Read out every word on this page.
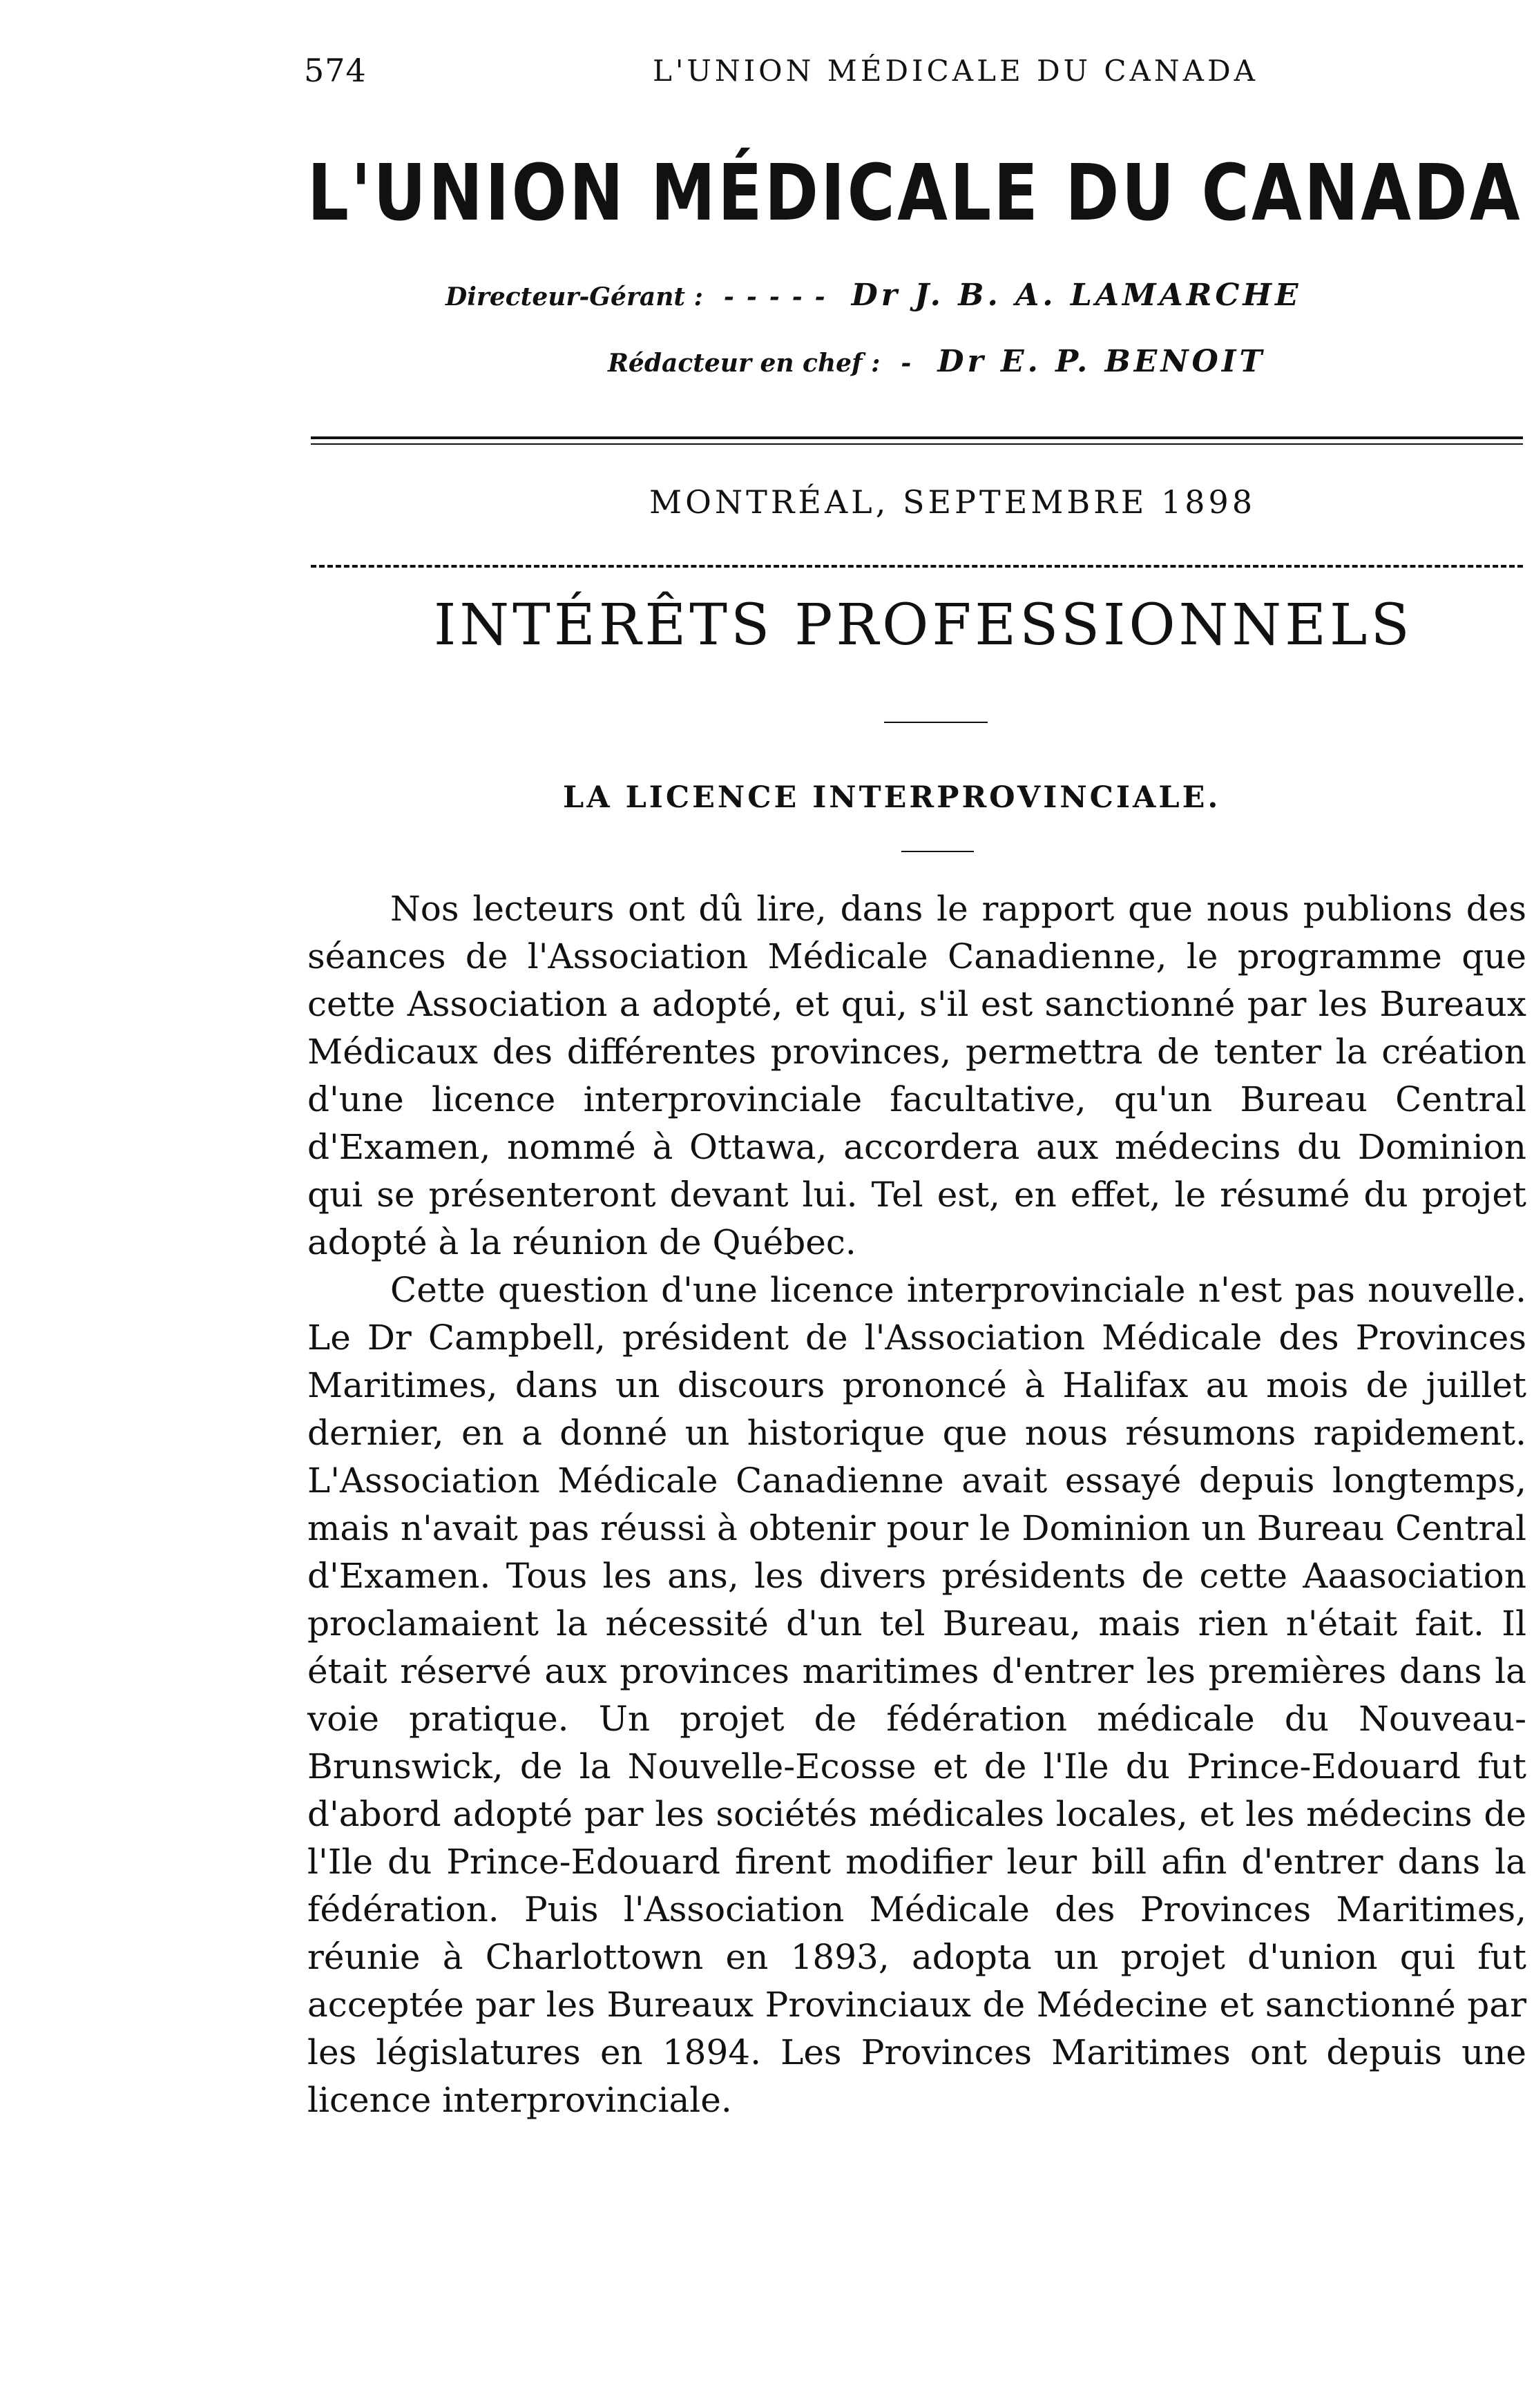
574	L'UNION MÉDICALE DU CANADA
L'UNION MÉDICALE DU CANADA
Directeur-Gérant : ----- Dr J. B. A. LAMARCHE
Rédacteur en chef : - Dr E. P. BENOIT
MONTRÉAL, SEPTEMBRE 1898
INTÉRÊTS PROFESSIONNELS
LA LICENCE INTERPROVINCIALE.

Nos lecteurs ont dû lire, dans le rapport que nous publions des séances de l'Association Médicale Canadienne, le programme que cette Association a adopté, et qui, s'il est sanctionné par les Bureaux Médicaux des différentes provinces, permettra de tenter la création d'une licence interprovinciale facultative, qu'un Bureau Central d'Examen, nommé à Ottawa, accordera aux médecins du Dominion qui se présenteront devant lui. Tel est, en effet, le résumé du projet adopté à la réunion de Québec.

Cette question d'une licence interprovinciale n'est pas nouvelle. Le Dr Campbell, président de l'Association Médicale des Provinces Maritimes, dans un discours prononcé à Halifax au mois de juillet dernier, en a donné un historique que nous résumons rapidement. L'Association Médicale Canadienne avait essayé depuis longtemps, mais n'avait pas réussi à obtenir pour le Dominion un Bureau Central d'Examen. Tous les ans, les divers présidents de cette Aaasociation proclamaient la nécessité d'un tel Bureau, mais rien n'était fait. Il était réservé aux provinces maritimes d'entrer les premières dans la voie pratique. Un projet de fédération médicale du Nouveau-Brunswick, de la Nouvelle-Ecosse et de l'Ile du Prince-Edouard fut d'abord adopté par les sociétés médicales locales, et les médecins de l'Ile du Prince-Edouard firent modifier leur bill afin d'entrer dans la fédération. Puis l'Association Médicale des Provinces Maritimes, réunie à Charlottown en 1893, adopta un projet d'union qui fut acceptée par les Bureaux Provinciaux de Médecine et sanctionné par les législatures en 1894. Les Provinces Maritimes ont depuis une licence interprovinciale.
